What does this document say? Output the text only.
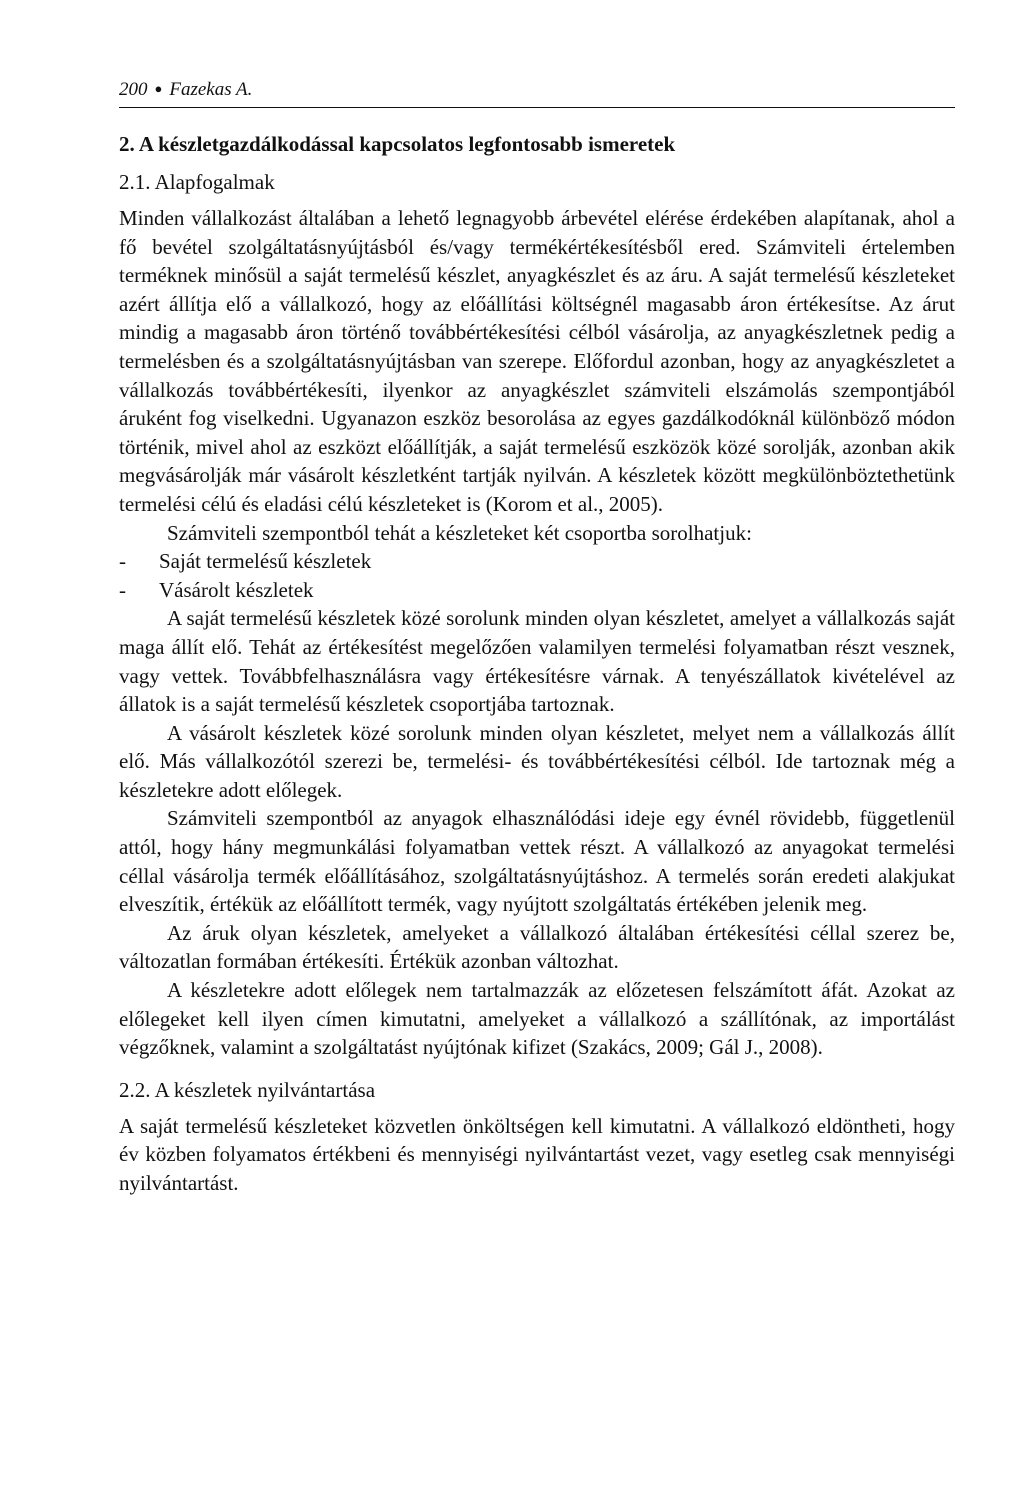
200 ● Fazekas A.
2. A készletgazdálkodással kapcsolatos legfontosabb ismeretek
2.1. Alapfogalmak

Minden vállalkozást általában a lehető legnagyobb árbevétel elérése érdekében alapítanak, ahol a fő bevétel szolgáltatásnyújtásból és/vagy termékértékesítésből ered. Számviteli értelemben terméknek minősül a saját termelésű készlet, anyagkészlet és az áru. A saját termelésű készleteket azért állítja elő a vállalkozó, hogy az előállítási költségnél magasabb áron értékesítse. Az árut mindig a magasabb áron történő továbbértékesítési célból vásárolja, az anyagkészletnek pedig a termelésben és a szolgáltatásnyújtásban van szerepe. Előfordul azonban, hogy az anyagkészletet a vállalkozás továbbértékesíti, ilyenkor az anyagkészlet számviteli elszámolás szempontjából áruként fog viselkedni. Ugyanazon eszköz besorolása az egyes gazdálkodóknál különböző módon történik, mivel ahol az eszközt előállítják, a saját termelésű eszközök közé sorolják, azonban akik megvásárolják már vásárolt készletként tartják nyilván. A készletek között megkülönböztethetünk termelési célú és eladási célú készleteket is (Korom et al., 2005).

Számviteli szempontból tehát a készleteket két csoportba sorolhatjuk:

-	Saját termelésű készletek
-	Vásárolt készletek

A saját termelésű készletek közé sorolunk minden olyan készletet, amelyet a vállalkozás saját maga állít elő. Tehát az értékesítést megelőzően valamilyen termelési folyamatban részt vesznek, vagy vettek. Továbbfelhasználásra vagy értékesítésre várnak. A tenyészállatok kivételével az állatok is a saját termelésű készletek csoportjába tartoznak.

A vásárolt készletek közé sorolunk minden olyan készletet, melyet nem a vállalkozás állít elő. Más vállalkozótól szerezi be, termelési- és továbbértékesítési célból. Ide tartoznak még a készletekre adott előlegek.

Számviteli szempontból az anyagok elhasználódási ideje egy évnél rövidebb, függetlenül attól, hogy hány megmunkálási folyamatban vettek részt. A vállalkozó az anyagokat termelési céllal vásárolja termék előállításához, szolgáltatásnyújtáshoz. A termelés során eredeti alakjukat elveszítik, értékük az előállított termék, vagy nyújtott szolgáltatás értékében jelenik meg.

Az áruk olyan készletek, amelyeket a vállalkozó általában értékesítési céllal szerez be, változatlan formában értékesíti. Értékük azonban változhat.

A készletekre adott előlegek nem tartalmazzák az előzetesen felszámított áfát. Azokat az előlegeket kell ilyen címen kimutatni, amelyeket a vállalkozó a szállítónak, az importálást végzőknek, valamint a szolgáltatást nyújtónak kifizet (Szakács, 2009; Gál J., 2008).

2.2. A készletek nyilvántartása

A saját termelésű készleteket közvetlen önköltségen kell kimutatni. A vállalkozó eldöntheti, hogy év közben folyamatos értékbeni és mennyiségi nyilvántartást vezet, vagy esetleg csak mennyiségi nyilvántartást.
